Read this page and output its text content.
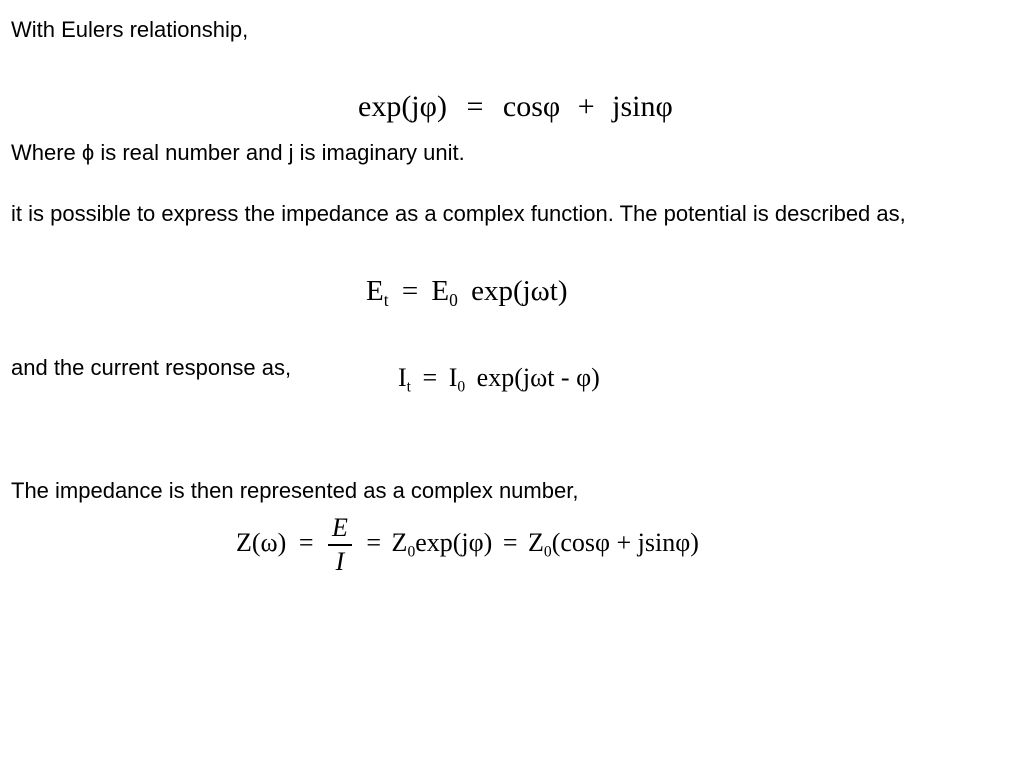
With Eulers relationship,
exp(jφ) = cosφ + jsinφ
Where ϕ is real number and j is imaginary unit.
it is possible to express the impedance as a complex function. The potential is described as,
$E_t = E_0$ exp(jωt)
and the current response as,	$I_t = I_0$ exp(jωt - φ)
The impedance is then represented as a complex number,
$Z(\omega) = \frac{E}{I} = Z_0\exp(j\varphi) = Z_0(\cos\varphi + jsin\varphi)$
